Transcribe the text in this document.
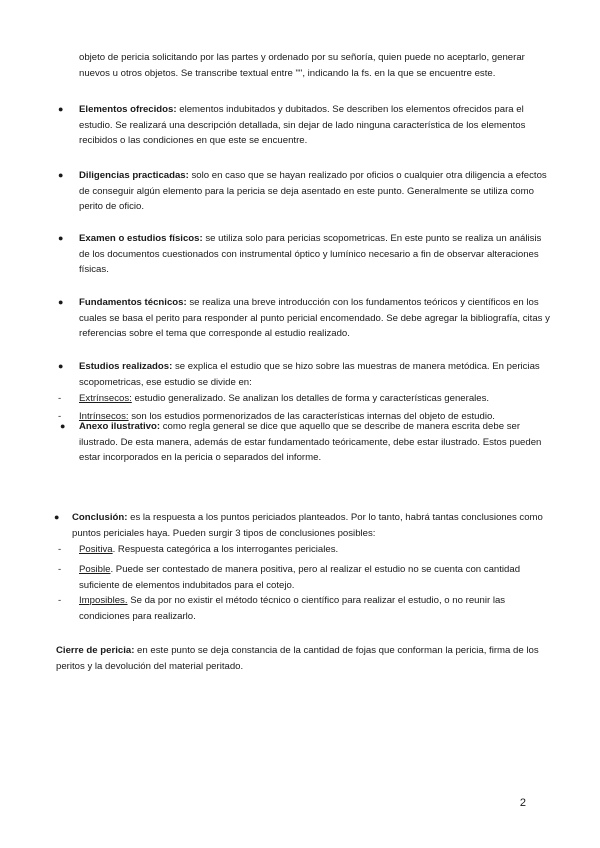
objeto de pericia solicitando por las partes y ordenado por su señoría, quien puede no aceptarlo, generar nuevos u otros objetos. Se transcribe textual entre "", indicando la fs. en la que se encuentre este.

● Elementos ofrecidos: elementos indubitados y dubitados. Se describen los elementos ofrecidos para el estudio. Se realizará una descripción detallada, sin dejar de lado ninguna característica de los elementos recibidos o las condiciones en que este se encuentre.

● Diligencias practicadas: solo en caso que se hayan realizado por oficios o cualquier otra diligencia a efectos de conseguir algún elemento para la pericia se deja asentado en este punto. Generalmente se utiliza como perito de oficio.

● Examen o estudios físicos: se utiliza solo para pericias scopometricas. En este punto se realiza un análisis de los documentos cuestionados con instrumental óptico y lumínico necesario a fin de observar alteraciones físicas.

● Fundamentos técnicos: se realiza una breve introducción con los fundamentos teóricos y científicos en los cuales se basa el perito para responder al punto pericial encomendado. Se debe agregar la bibliografía, citas y referencias sobre el tema que corresponde al estudio realizado.

● Estudios realizados: se explica el estudio que se hizo sobre las muestras de manera metódica. En pericias scopometricas, ese estudio se divide en:

- Extrínsecos: estudio generalizado. Se analizan los detalles de forma y características generales.

- Intrínsecos: son los estudios pormenorizados de las características internas del objeto de estudio.

● Anexo ilustrativo: como regla general se dice que aquello que se describe de manera escrita debe ser ilustrado. De esta manera, además de estar fundamentado teóricamente, debe estar ilustrado. Estos pueden estar incorporados en la pericia o separados del informe.

● Conclusión: es la respuesta a los puntos periciados planteados. Por lo tanto, habrá tantas conclusiones como puntos periciales haya. Pueden surgir 3 tipos de conclusiones posibles:

- Positiva. Respuesta categórica a los interrogantes periciales.

- Posible. Puede ser contestado de manera positiva, pero al realizar el estudio no se cuenta con cantidad suficiente de elementos indubitados para el cotejo.

- Imposibles. Se da por no existir el método técnico o científico para realizar el estudio, o no reunir las condiciones para realizarlo.

Cierre de pericia: en este punto se deja constancia de la cantidad de fojas que conforman la pericia, firma de los peritos y la devolución del material peritado.

2
